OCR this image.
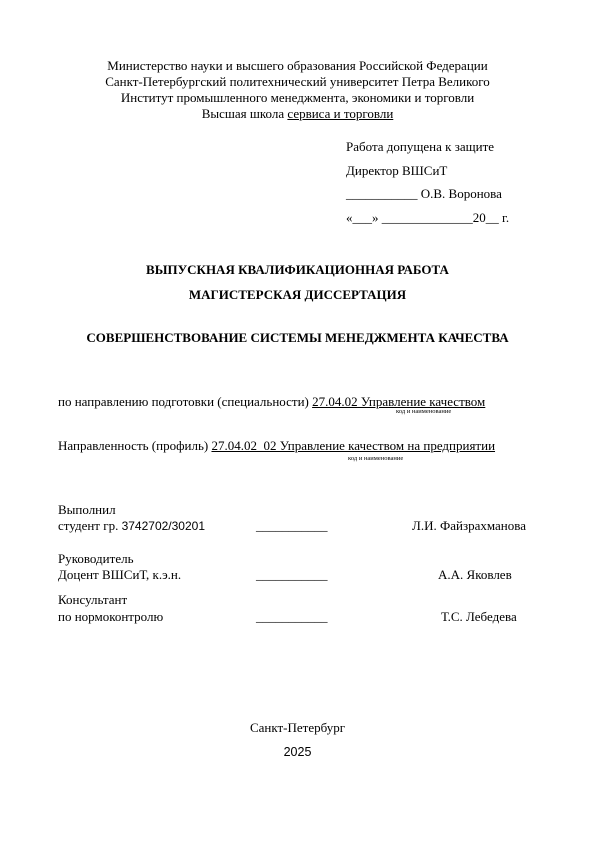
Министерство науки и высшего образования Российской Федерации
Санкт-Петербургский политехнический университет Петра Великого
Институт промышленного менеджмента, экономики и торговли
Высшая школа сервиса и торговли
Работа допущена к защите
Директор ВШСиТ
___________ О.В. Воронова
«___» ______________20__ г.
ВЫПУСКНАЯ КВАЛИФИКАЦИОННАЯ РАБОТА
МАГИСТЕРСКАЯ ДИССЕРТАЦИЯ
СОВЕРШЕНСТВОВАНИЕ СИСТЕМЫ МЕНЕДЖМЕНТА КАЧЕСТВА
по направлению подготовки (специальности) 27.04.02 Управление качеством
код и наименование
Направленность (профиль) 27.04.02_02 Управление качеством на предприятии
код и наименование
Выполнил
студент гр. 3742702/30201	___________	Л.И. Файзрахманова
Руководитель
Доцент ВШСиТ, к.э.н.	___________	А.А. Яковлев
Консультант
по нормоконтролю	___________	Т.С. Лебедева
Санкт-Петербург
2025
